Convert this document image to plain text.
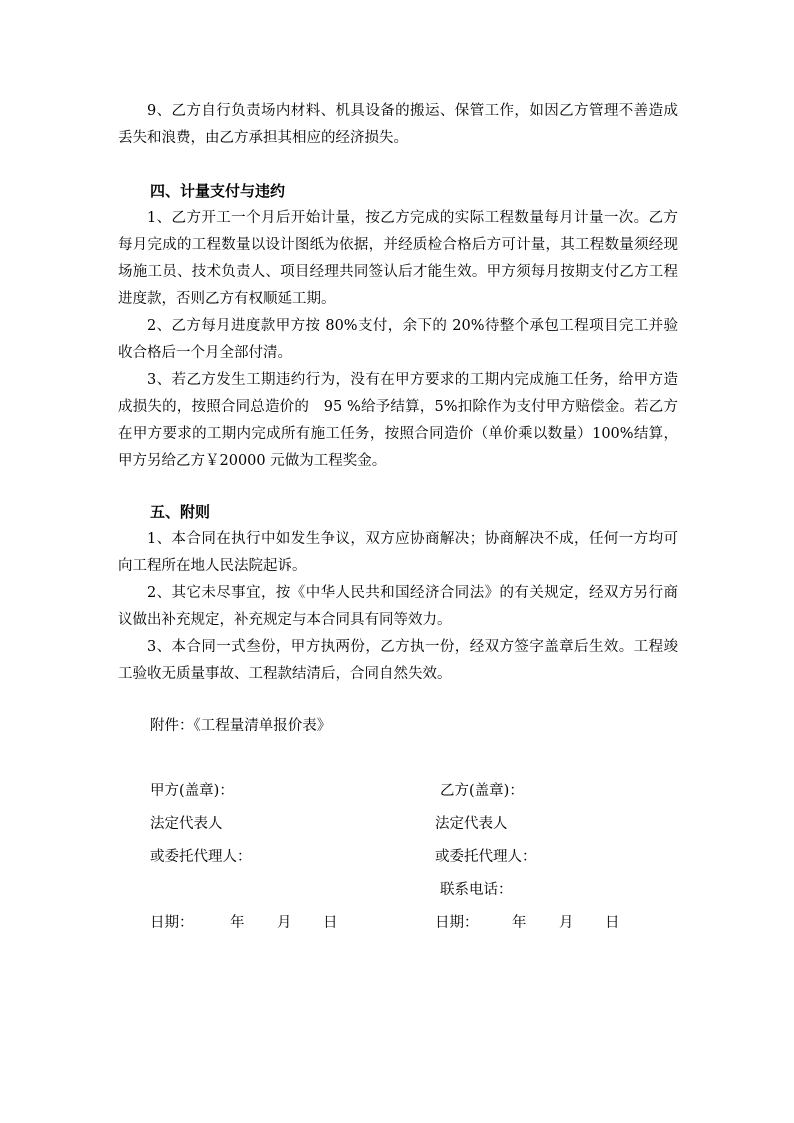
9、乙方自行负责场内材料、机具设备的搬运、保管工作，如因乙方管理不善造成丢失和浪费，由乙方承担其相应的经济损失。

四、计量支付与违约

1、乙方开工一个月后开始计量，按乙方完成的实际工程数量每月计量一次。乙方每月完成的工程数量以设计图纸为依据，并经质检合格后方可计量，其工程数量须经现场施工员、技术负责人、项目经理共同签认后才能生效。甲方须每月按期支付乙方工程进度款，否则乙方有权顺延工期。

2、乙方每月进度款甲方按 80%支付，余下的 20%待整个承包工程项目完工并验收合格后一个月全部付清。

3、若乙方发生工期违约行为，没有在甲方要求的工期内完成施工任务，给甲方造成损失的，按照合同总造价的　95 %给予结算，5%扣除作为支付甲方赔偿金。若乙方在甲方要求的工期内完成所有施工任务，按照合同造价（单价乘以数量）100%结算，甲方另给乙方￥20000 元做为工程奖金。

五、附则

1、本合同在执行中如发生争议，双方应协商解决；协商解决不成，任何一方均可向工程所在地人民法院起诉。

2、其它未尽事宜，按《中华人民共和国经济合同法》的有关规定，经双方另行商议做出补充规定，补充规定与本合同具有同等效力。

3、本合同一式叁份，甲方执两份，乙方执一份，经双方签字盖章后生效。工程竣工验收无质量事故、工程款结清后，合同自然失效。

附件：《工程量清单报价表》

甲方(盖章)：

法定代表人

或委托代理人：

日期：	年 月 日

乙方(盖章)：

法定代表人

或委托代理人：

联系电话：

日期： 年 月 日
